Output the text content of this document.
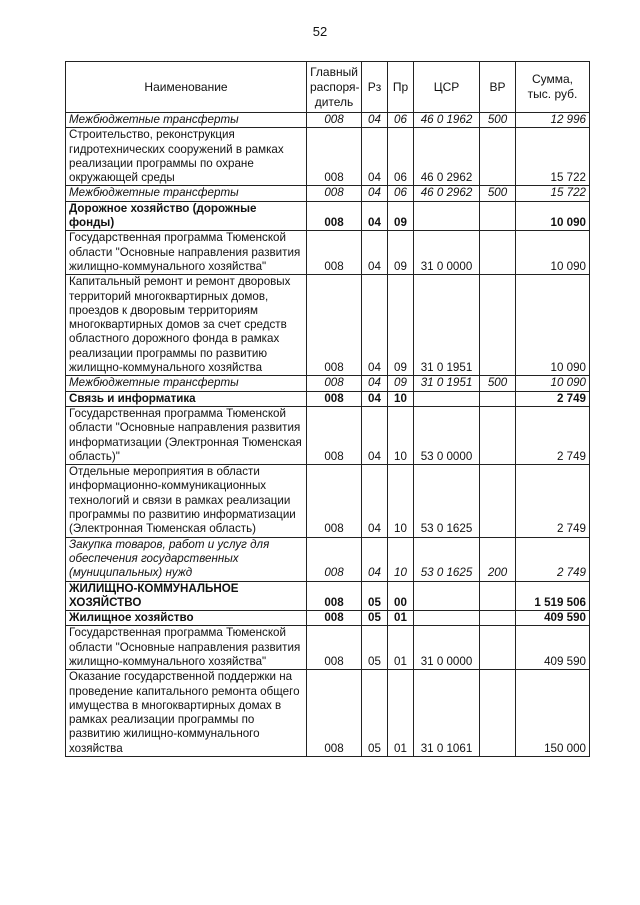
52
Наименование	Главный распоря-дитель	Рз	Пр	ЦСР	ВР	Сумма, тыс. руб.
Межбюджетные трансферты	008	04	06	46 0 1962	500	12 996
Строительство, реконструкция гидротехнических сооружений в рамках реализации программы по охране окружающей среды	008	04	06	46 0 2962		15 722
Межбюджетные трансферты	008	04	06	46 0 2962	500	15 722
Дорожное хозяйство (дорожные фонды)	008	04	09			10 090
Государственная программа Тюменской области "Основные направления развития жилищно-коммунального хозяйства"	008	04	09	31 0 0000		10 090
Капитальный ремонт и ремонт дворовых территорий многоквартирных домов, проездов к дворовым территориям многоквартирных домов за счет средств областного дорожного фонда в рамках реализации программы по развитию жилищно-коммунального хозяйства	008	04	09	31 0 1951		10 090
Межбюджетные трансферты	008	04	09	31 0 1951	500	10 090
Связь и информатика	008	04	10			2 749
Государственная программа Тюменской области "Основные направления развития информатизации (Электронная Тюменская область)"	008	04	10	53 0 0000		2 749
Отдельные мероприятия в области информационно-коммуникационных технологий и связи в рамках реализации программы по развитию информатизации (Электронная Тюменская область)	008	04	10	53 0 1625		2 749
Закупка товаров, работ и услуг для обеспечения государственных (муниципальных) нужд	008	04	10	53 0 1625	200	2 749
ЖИЛИЩНО-КОММУНАЛЬНОЕ ХОЗЯЙСТВО	008	05	00			1 519 506
Жилищное хозяйство	008	05	01			409 590
Государственная программа Тюменской области "Основные направления развития жилищно-коммунального хозяйства"	008	05	01	31 0 0000		409 590
Оказание государственной поддержки на проведение капитального ремонта общего имущества в многоквартирных домах в рамках реализации программы по развитию жилищно-коммунального хозяйства	008	05	01	31 0 1061		150 000
